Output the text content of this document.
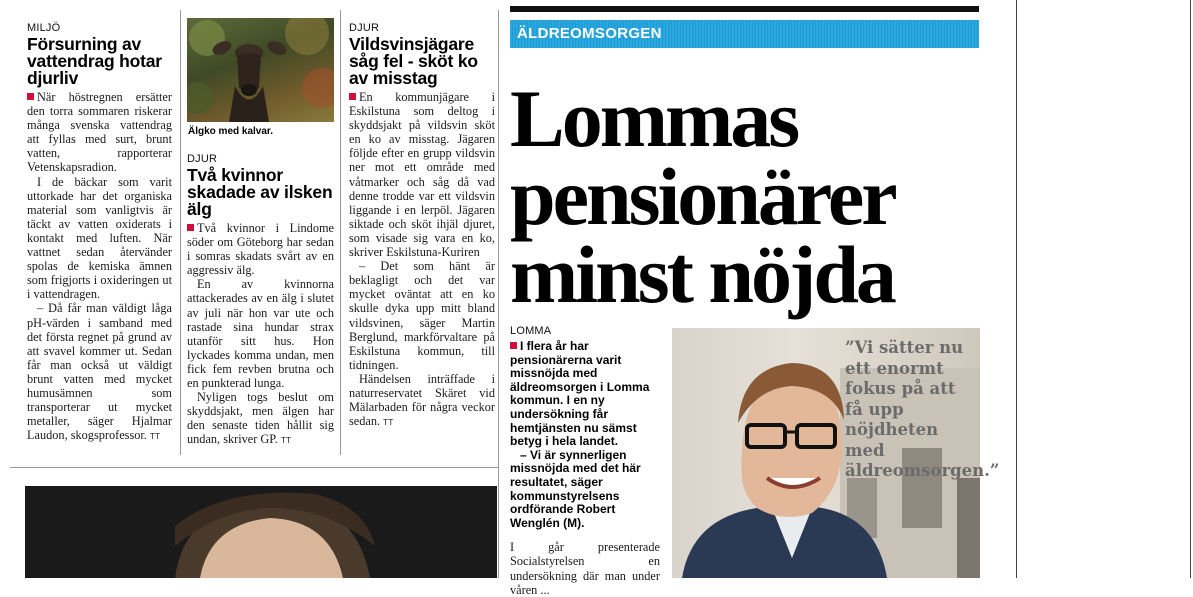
MILJÖ
Försurning av vattendrag hotar djurliv

När höstregnen ersätter den torra sommaren riskerar många svenska vattendrag att fyllas med surt, brunt vatten, rapporterar Vetenskapsradion.

I de bäckar som varit uttorkade har det organiska material som vanligtvis är täckt av vatten oxiderats i kontakt med luften. När vattnet sedan återvänder spolas de kemiska ämnen som frigjorts i oxideringen ut i vattendragen.

– Då får man väldigt låga pH-värden i samband med det första regnet på grund av att svavel kommer ut. Sedan får man också ut väldigt brunt vatten med mycket humusämnen som transporterar ut mycket metaller, säger Hjalmar Laudon, skogsprofessor. TT

Älgko med kalvar.
DJUR
Två kvinnor skadade av ilsken älg

Två kvinnor i Lindome söder om Göteborg har sedan i somras skadats svårt av en aggressiv älg.

En av kvinnorna attackerades av en älg i slutet av juli när hon var ute och rastade sina hundar strax utanför sitt hus. Hon lyckades komma undan, men fick fem revben brutna och en punkterad lunga.

Nyligen togs beslut om skyddsjakt, men älgen har den senaste tiden hållit sig undan, skriver GP. TT

DJUR
Vildsvinsjägare såg fel - sköt ko av misstag

En kommunjägare i Eskilstuna som deltog i skyddsjakt på vildsvin sköt en ko av misstag. Jägaren följde efter en grupp vildsvin ner mot ett område med våtmarker och såg då vad denne trodde var ett vildsvin liggande i en lerpöl. Jägaren siktade och sköt ihjäl djuret, som visade sig vara en ko, skriver Eskilstuna-Kuriren

– Det som hänt är beklagligt och det var mycket oväntat att en ko skulle dyka upp mitt bland vildsvinen, säger Martin Berglund, markförvaltare på Eskilstuna kommun, till tidningen.

Händelsen inträffade i naturreservatet Skäret vid Mälarbaden för några veckor sedan. TT

ÄLDREOMSORGEN
Lommas
pensionärer
minst nöjda
LOMMA
I flera år har pensionärerna varit missnöjda med äldreomsorgen i Lomma kommun. I en ny undersökning får hemtjänsten nu sämst betyg i hela landet.
– Vi är synnerligen missnöjda med det här resultatet, säger kommunstyrelsens ordförande Robert Wenglén (M).
I går presenterade Socialstyrelsen en undersökning där man under våren ...
”Vi sätter nu ett enormt fokus på att få upp nöjdheten med äldreomsorgen.”
